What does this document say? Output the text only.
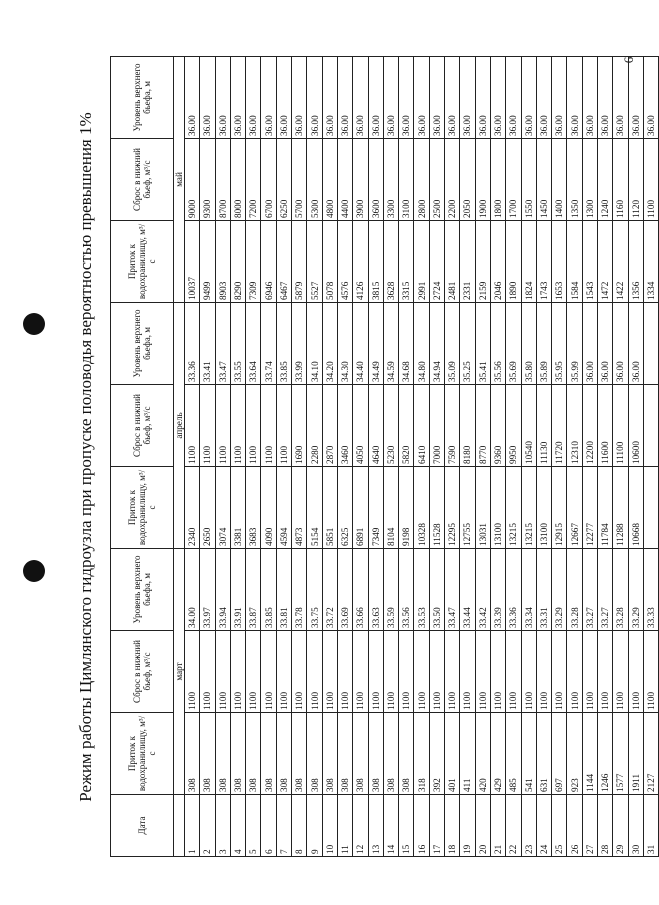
6
Режим работы Цимлянского гидроузла при пропуске половодья вероятностью превышения 1%
Дата	Приток к водохранилищу, м³/с	Сброс в нижний бьеф, м³/с	Уровень верхнего бьефа, м	Приток к водохранилищу, м³/с	Сброс в нижний бьеф, м³/с	Уровень верхнего бьефа, м	Приток к водохранилищу, м³/с	Сброс в нижний бьеф, м³/с	Уровень верхнего бьефа, м
	март			апрель			май		
1	308	1100	34.00	2340	1100	33.36	10037	9000	36.00
2	308	1100	33.97	2650	1100	33.41	9499	9300	36.00
3	308	1100	33.94	3074	1100	33.47	8903	8700	36.00
4	308	1100	33.91	3381	1100	33.55	8290	8000	36.00
5	308	1100	33.87	3683	1100	33.64	7309	7200	36.00
6	308	1100	33.85	4090	1100	33.74	6946	6700	36.00
7	308	1100	33.81	4594	1100	33.85	6467	6250	36.00
8	308	1100	33.78	4873	1690	33.99	5879	5700	36.00
9	308	1100	33.75	5154	2280	34.10	5527	5300	36.00
10	308	1100	33.72	5851	2870	34.20	5078	4800	36.00
11	308	1100	33.69	6325	3460	34.30	4576	4400	36.00
12	308	1100	33.66	6891	4050	34.40	4126	3900	36.00
13	308	1100	33.63	7349	4640	34.49	3815	3600	36.00
14	308	1100	33.59	8104	5230	34.59	3628	3300	36.00
15	308	1100	33.56	9198	5820	34.68	3315	3100	36.00
16	318	1100	33.53	10328	6410	34.80	2991	2800	36.00
17	392	1100	33.50	11528	7000	34.94	2724	2500	36.00
18	401	1100	33.47	12295	7590	35.09	2481	2200	36.00
19	411	1100	33.44	12755	8180	35.25	2331	2050	36.00
20	420	1100	33.42	13031	8770	35.41	2159	1900	36.00
21	429	1100	33.39	13100	9360	35.56	2046	1800	36.00
22	485	1100	33.36	13215	9950	35.69	1890	1700	36.00
23	541	1100	33.34	13215	10540	35.80	1824	1550	36.00
24	631	1100	33.31	13100	11130	35.89	1743	1450	36.00
25	697	1100	33.29	12915	11720	35.95	1653	1400	36.00
26	923	1100	33.28	12667	12310	35.99	1584	1350	36.00
27	1144	1100	33.27	12277	12200	36.00	1543	1300	36.00
28	1246	1100	33.27	11784	11600	36.00	1472	1240	36.00
29	1577	1100	33.28	11288	11100	36.00	1422	1160	36.00
30	1911	1100	33.29	10668	10600	36.00	1356	1120	36.00
31	2127	1100	33.33				1334	1100	36.00
